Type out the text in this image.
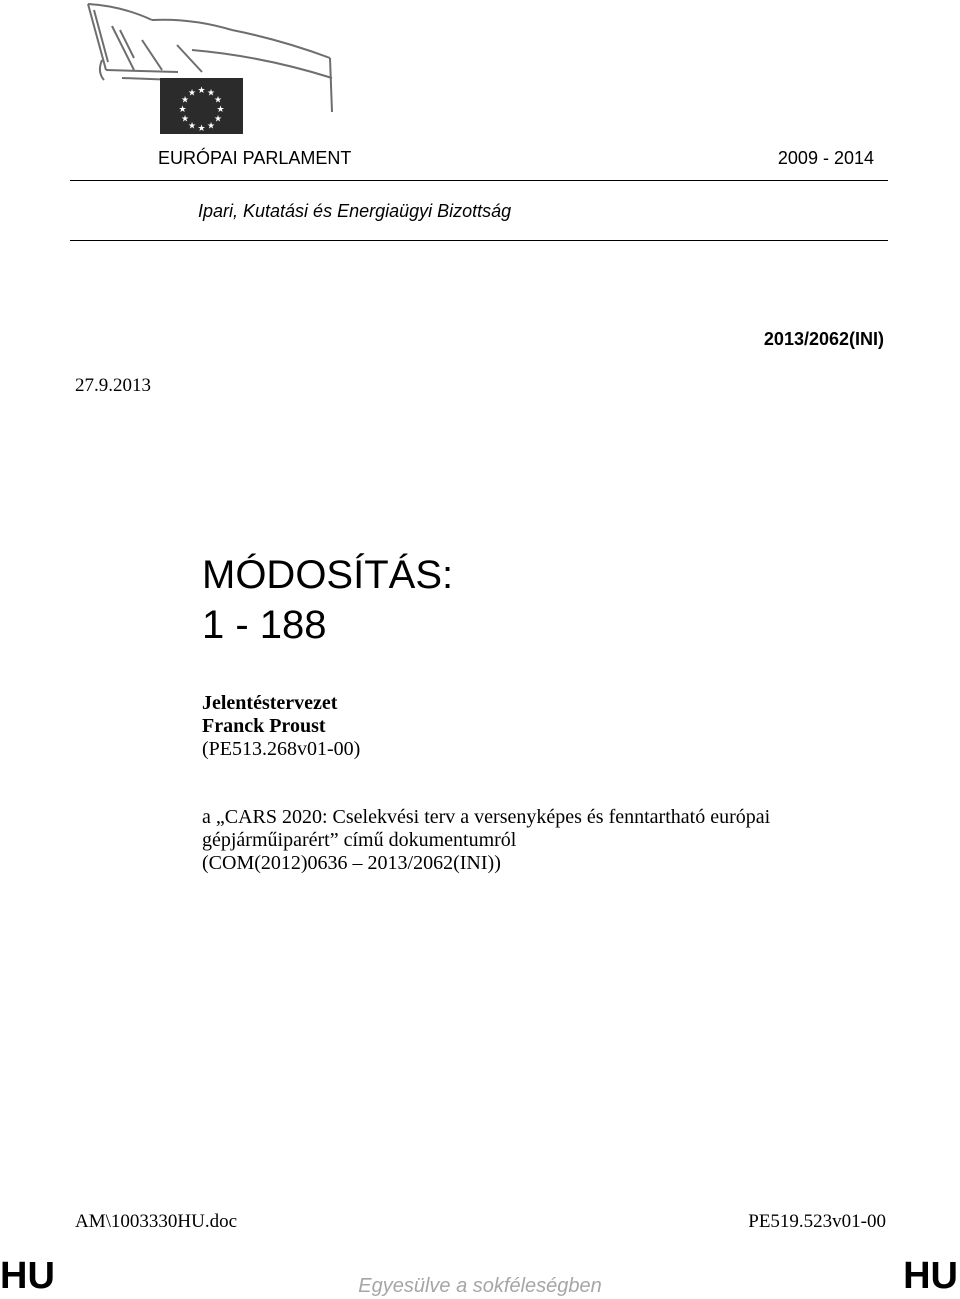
★ ★
★
★
★
★
★
★
★
★
★
★
EURÓPAI PARLAMENT	2009 - 2014
Ipari, Kutatási és Energiaügyi Bizottság
2013/2062(INI)
27.9.2013
MÓDOSÍTÁS:
1 - 188
Jelentéstervezet
Franck Proust
(PE513.268v01-00)
a „CARS 2020: Cselekvési terv a versenyképes és fenntartható európai
gépjárműiparért” című dokumentumról
(COM(2012)0636 – 2013/2062(INI))
AM\1003330HU.doc	PE519.523v01-00
HU	Egyesülve a sokféleségben	HU
